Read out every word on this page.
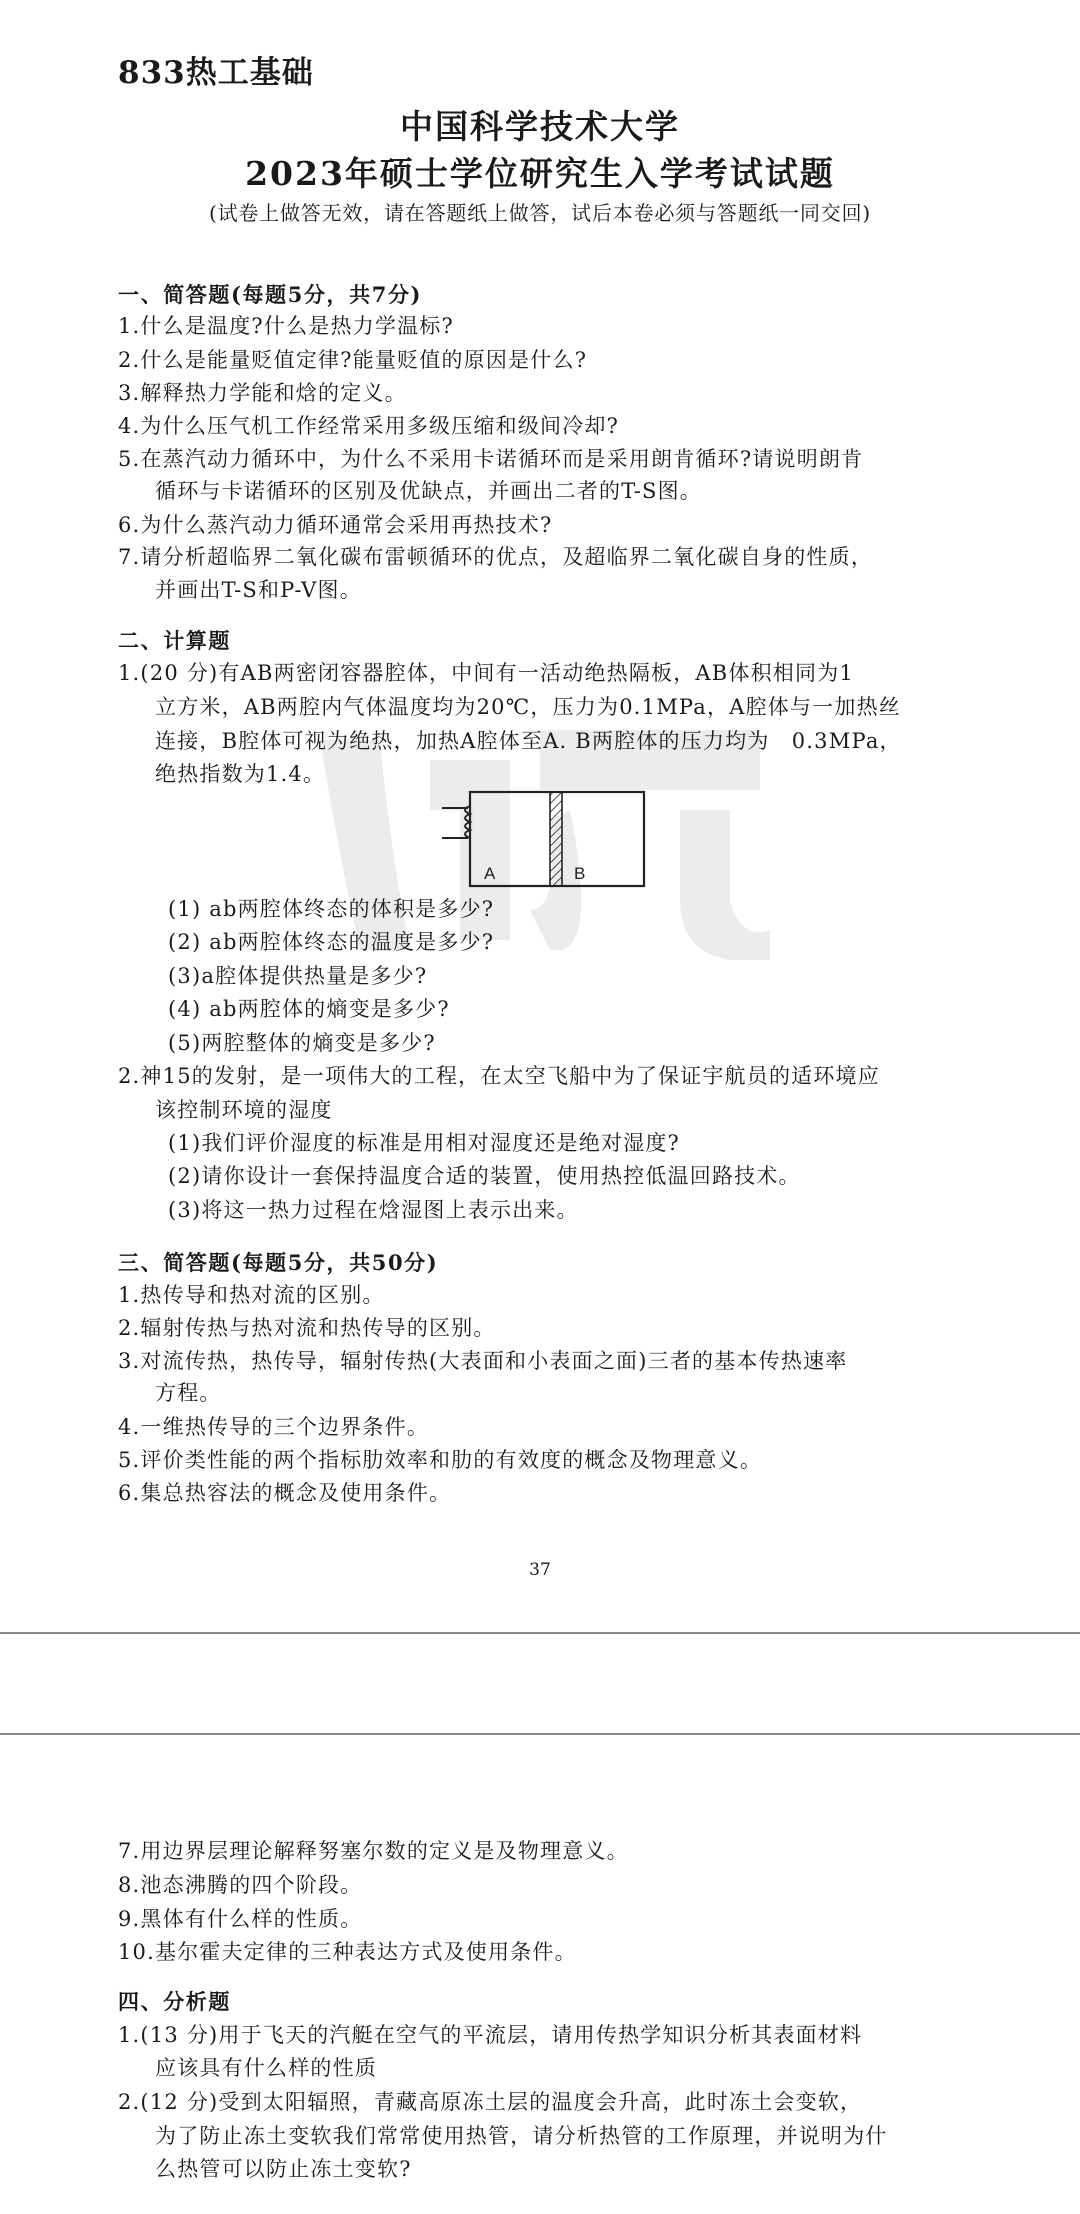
833热工基础
中国科学技术大学
2023年硕士学位研究生入学考试试题
(试卷上做答无效，请在答题纸上做答，试后本卷必须与答题纸一同交回)
一、简答题(每题5分，共7分)
1.什么是温度?什么是热力学温标?
2.什么是能量贬值定律?能量贬值的原因是什么?
3.解释热力学能和焓的定义。
4.为什么压气机工作经常采用多级压缩和级间冷却?
5.在蒸汽动力循环中，为什么不采用卡诺循环而是采用朗肯循环?请说明朗肯
循环与卡诺循环的区别及优缺点，并画出二者的T-S图。
6.为什么蒸汽动力循环通常会采用再热技术?
7.请分析超临界二氧化碳布雷顿循环的优点，及超临界二氧化碳自身的性质，
并画出T-S和P-V图。
二、计算题
1.(20 分)有AB两密闭容器腔体，中间有一活动绝热隔板，AB体积相同为1
立方米，AB两腔内气体温度均为20℃，压力为0.1MPa，A腔体与一加热丝
连接，B腔体可视为绝热，加热A腔体至A. B两腔体的压力均为　0.3MPa，
绝热指数为1.4。
A	B
(1) ab两腔体终态的体积是多少?
(2) ab两腔体终态的温度是多少?
(3)a腔体提供热量是多少?
(4) ab两腔体的熵变是多少?
(5)两腔整体的熵变是多少?
2.神15的发射，是一项伟大的工程，在太空飞船中为了保证宇航员的适环境应
该控制环境的湿度
(1)我们评价湿度的标准是用相对湿度还是绝对湿度?
(2)请你设计一套保持温度合适的装置，使用热控低温回路技术。
(3)将这一热力过程在焓湿图上表示出来。
三、简答题(每题5分，共50分)
1.热传导和热对流的区别。
2.辐射传热与热对流和热传导的区别。
3.对流传热，热传导，辐射传热(大表面和小表面之面)三者的基本传热速率
方程。
4.一维热传导的三个边界条件。
5.评价类性能的两个指标肋效率和肋的有效度的概念及物理意义。
6.集总热容法的概念及使用条件。
37
7.用边界层理论解释努塞尔数的定义是及物理意义。
8.池态沸腾的四个阶段。
9.黑体有什么样的性质。
10.基尔霍夫定律的三种表达方式及使用条件。
四、分析题
1.(13 分)用于飞天的汽艇在空气的平流层，请用传热学知识分析其表面材料
应该具有什么样的性质
2.(12 分)受到太阳辐照，青藏高原冻土层的温度会升高，此时冻土会变软，
为了防止冻土变软我们常常使用热管，请分析热管的工作原理，并说明为什
么热管可以防止冻土变软?
